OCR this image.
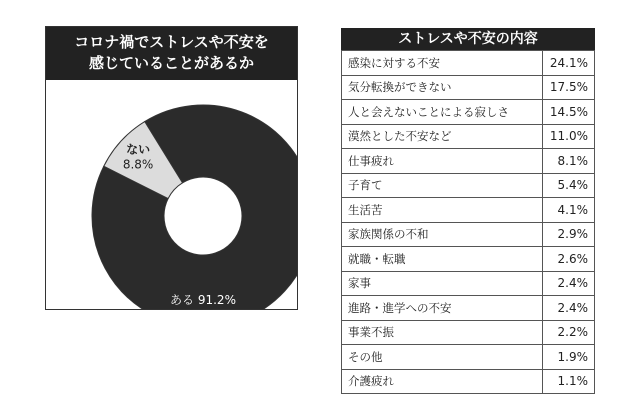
コロナ禍でストレスや不安を
感じていることがあるか
ある 91.2%
ない 8.8%
ストレスや不安の内容
感染に対する不安	24.1%
気分転換ができない	17.5%
人と会えないことによる寂しさ	14.5%
漠然とした不安など	11.0%
仕事疲れ	8.1%
子育て	5.4%
生活苦	4.1%
家族関係の不和	2.9%
就職・転職	2.6%
家事	2.4%
進路・進学への不安	2.4%
事業不振	2.2%
その他	1.9%
介護疲れ	1.1%
